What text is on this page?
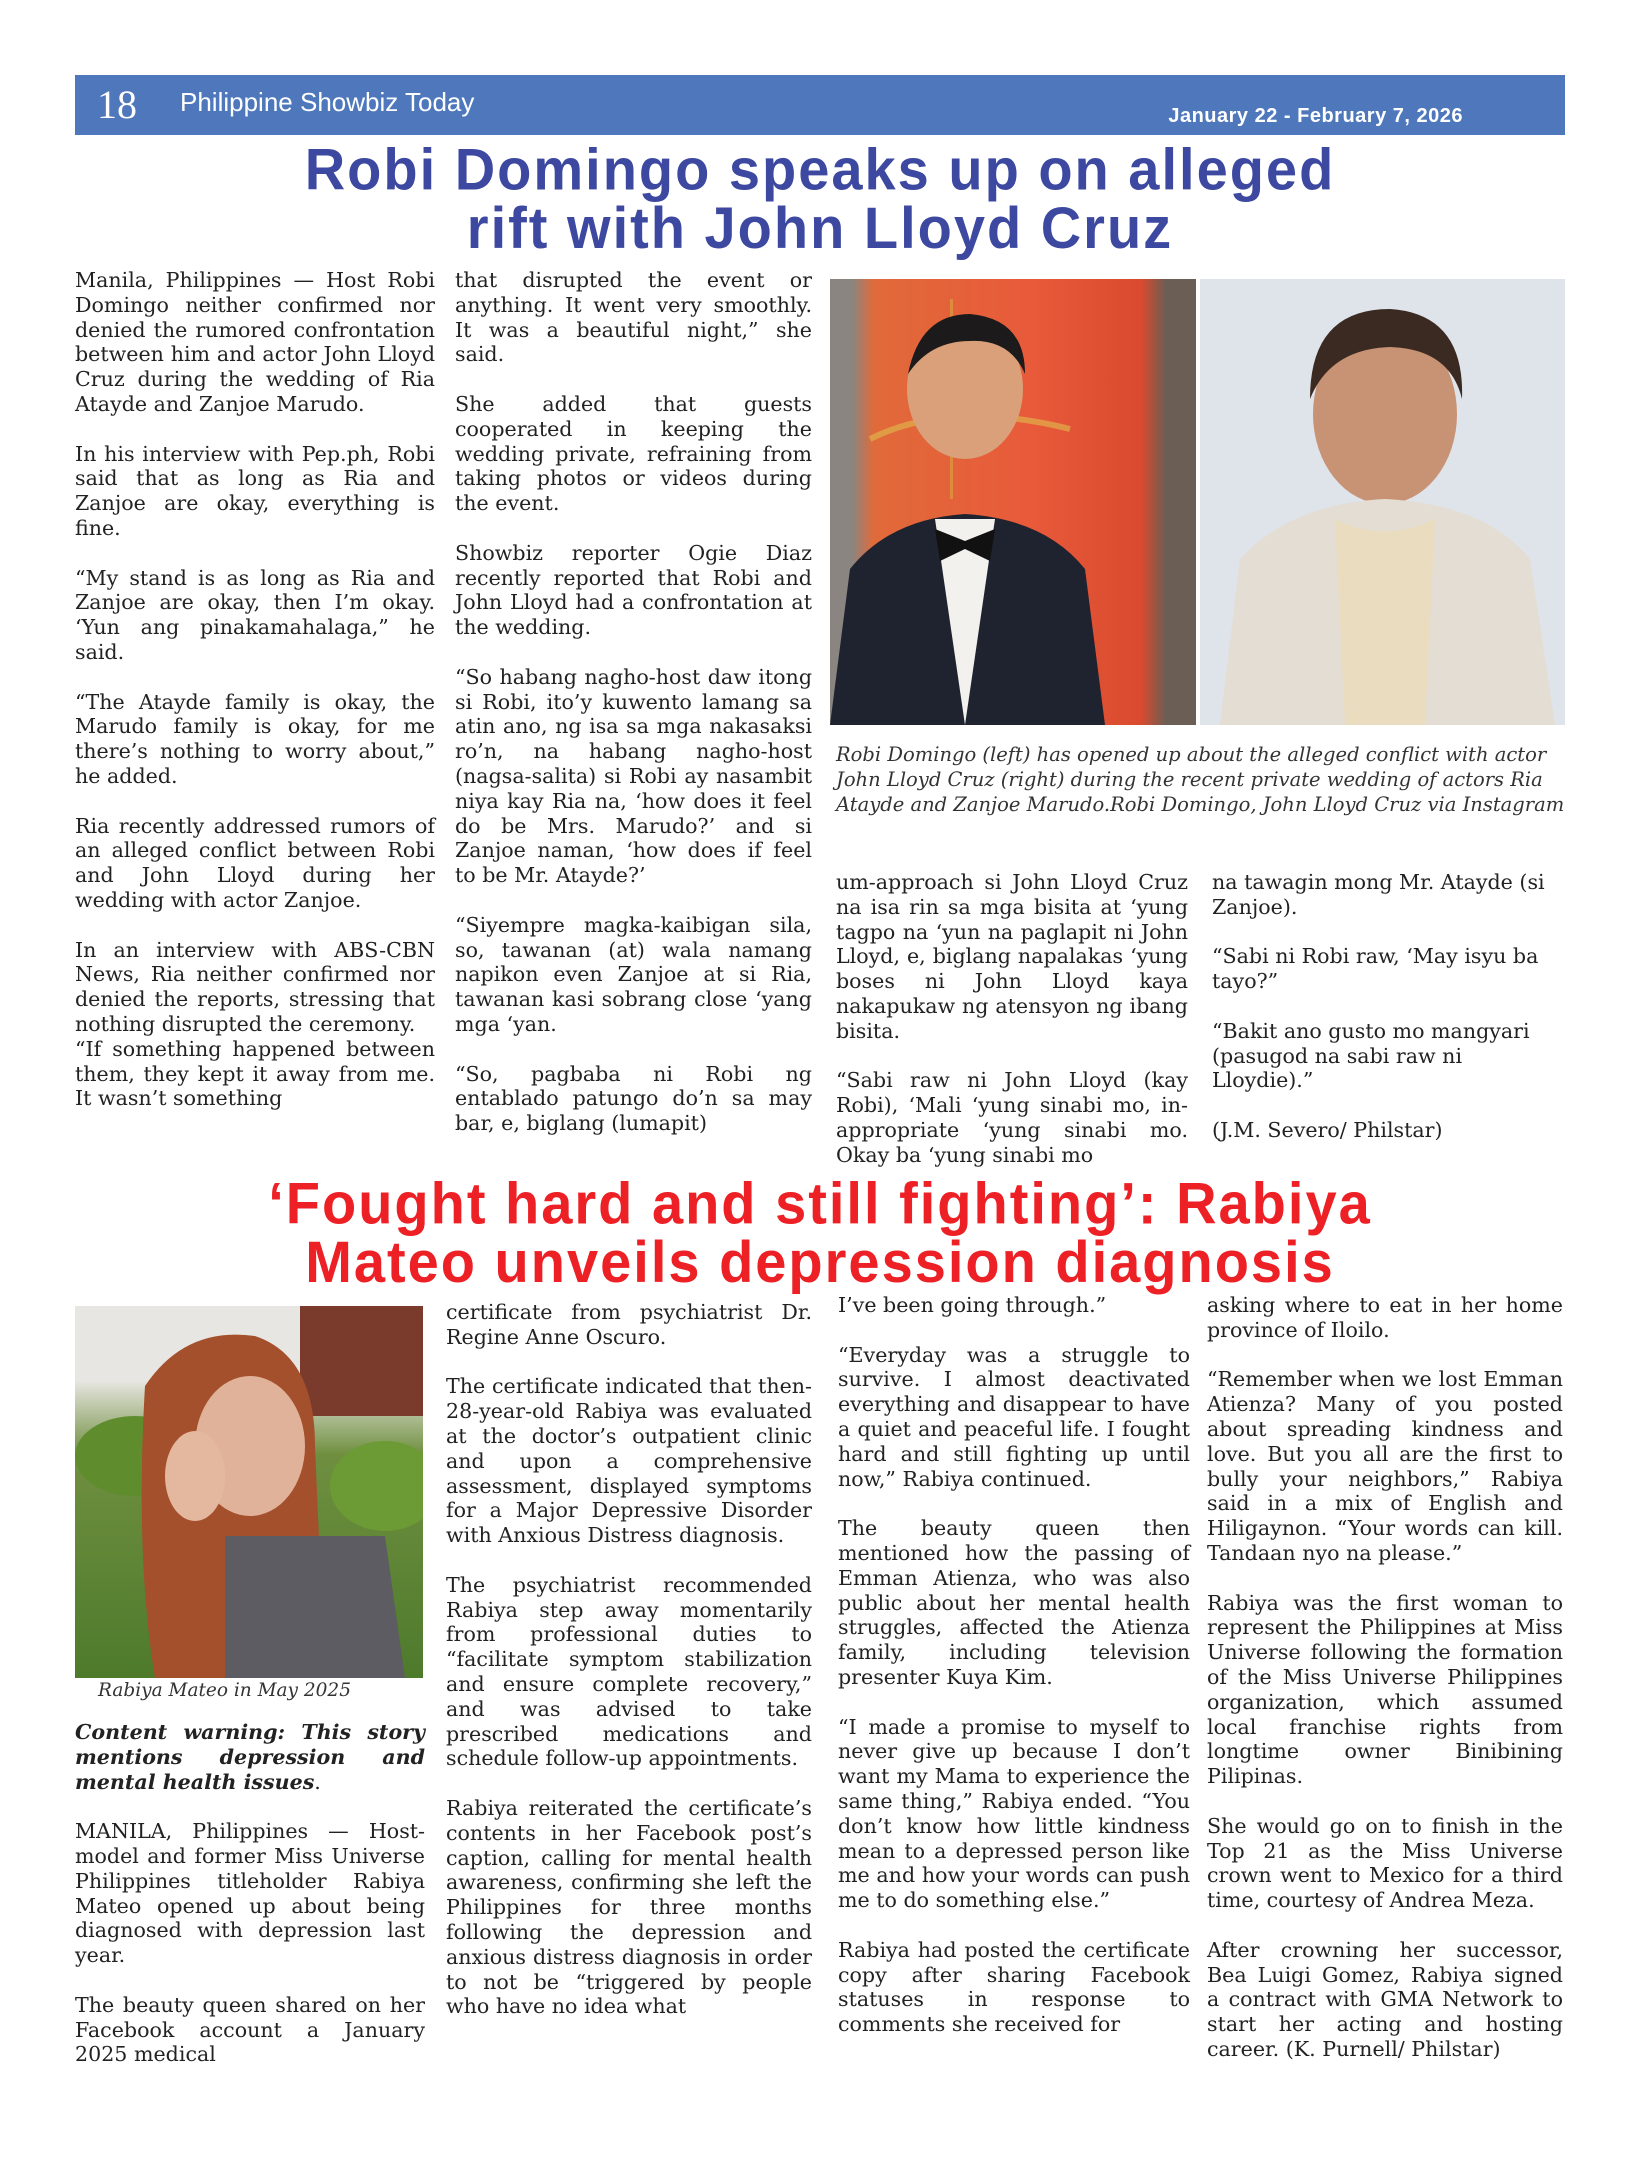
18 Philippine Showbiz Today	January 22 - February 7, 2026
Robi Domingo speaks up on alleged
rift with John Lloyd Cruz

Manila, Philippines — Host Robi Domingo neither confirmed nor denied the rumored confrontation between him and actor John Lloyd Cruz during the wedding of Ria Atayde and Zanjoe Marudo.

In his interview with Pep.ph, Robi said that as long as Ria and Zanjoe are okay, everything is fine.

“My stand is as long as Ria and Zanjoe are okay, then I’m okay. ‘Yun ang pinakamahalaga,” he said.

“The Atayde family is okay, the Marudo family is okay, for me there’s nothing to worry about,” he added.

Ria recently addressed rumors of an alleged conflict between Robi and John Lloyd during her wedding with actor Zanjoe.

In an interview with ABS-CBN News, Ria neither confirmed nor denied the reports, stressing that nothing disrupted the ceremony.

“If something happened between them, they kept it away from me. It wasn’t something

that disrupted the event or anything. It went very smoothly. It was a beautiful night,” she said.

She added that guests cooperated in keeping the wedding private, refraining from taking photos or videos during the event.

Showbiz reporter Ogie Diaz recently reported that Robi and John Lloyd had a confrontation at the wedding.

“So habang nagho-host daw itong si Robi, ito’y kuwento lamang sa atin ano, ng isa sa mga nakasaksi ro’n, na habang nagho-host (nagsa-salita) si Robi ay nasambit niya kay Ria na, ‘how does it feel do be Mrs. Marudo?’ and si Zanjoe naman, ‘how does if feel to be Mr. Atayde?’

“Siyempre magka-kaibigan sila, so, tawanan (at) wala namang napikon even Zanjoe at si Ria, tawanan kasi sobrang close ‘yang mga ‘yan.

“So, pagbaba ni Robi ng entablado patungo do’n sa may bar, e, biglang (lumapit)

Robi Domingo (left) has opened up about the alleged conflict with actor John Lloyd Cruz (right) during the recent private wedding of actors Ria Atayde and Zanjoe Marudo.Robi Domingo, John Lloyd Cruz via Instagram

um-approach si John Lloyd Cruz na isa rin sa mga bisita at ‘yung tagpo na ‘yun na paglapit ni John Lloyd, e, biglang napalakas ‘yung boses ni John Lloyd kaya nakapukaw ng atensyon ng ibang bisita.

“Sabi raw ni John Lloyd (kay Robi), ‘Mali ‘yung sinabi mo, in-appropriate ‘yung sinabi mo. Okay ba ‘yung sinabi mo

na tawagin mong Mr. Atayde (si Zanjoe).

“Sabi ni Robi raw, ‘May isyu ba tayo?”

“Bakit ano gusto mo mangyari (pasugod na sabi raw ni Lloydie).”

(J.M. Severo/ Philstar)

‘Fought hard and still fighting’: Rabiya
Mateo unveils depression diagnosis
Rabiya Mateo in May 2025

Content warning: This story mentions depression and mental health issues.

MANILA, Philippines — Host-model and former Miss Universe Philippines titleholder Rabiya Mateo opened up about being diagnosed with depression last year.

The beauty queen shared on her Facebook account a January 2025 medical

certificate from psychiatrist Dr. Regine Anne Oscuro.

The certificate indicated that then-28-year-old Rabiya was evaluated at the doctor’s outpatient clinic and upon a comprehensive assessment, displayed symptoms for a Major Depressive Disorder with Anxious Distress diagnosis.

The psychiatrist recommended Rabiya step away momentarily from professional duties to “facilitate symptom stabilization and ensure complete recovery,” and was advised to take prescribed medications and schedule follow-up appointments.

Rabiya reiterated the certificate’s contents in her Facebook post’s caption, calling for mental health awareness, confirming she left the Philippines for three months following the depression and anxious distress diagnosis in order to not be “triggered by people who have no idea what

I’ve been going through.”

“Everyday was a struggle to survive. I almost deactivated everything and disappear to have a quiet and peaceful life. I fought hard and still fighting up until now,” Rabiya continued.

The beauty queen then mentioned how the passing of Emman Atienza, who was also public about her mental health struggles, affected the Atienza family, including television presenter Kuya Kim.

“I made a promise to myself to never give up because I don’t want my Mama to experience the same thing,” Rabiya ended. “You don’t know how little kindness mean to a depressed person like me and how your words can push me to do something else.”

Rabiya had posted the certificate copy after sharing Facebook statuses in response to comments she received for

asking where to eat in her home province of Iloilo.

“Remember when we lost Emman Atienza? Many of you posted about spreading kindness and love. But you all are the first to bully your neighbors,” Rabiya said in a mix of English and Hiligaynon. “Your words can kill. Tandaan nyo na please.”

Rabiya was the first woman to represent the Philippines at Miss Universe following the formation of the Miss Universe Philippines organization, which assumed local franchise rights from longtime owner Binibining Pilipinas.

She would go on to finish in the Top 21 as the Miss Universe crown went to Mexico for a third time, courtesy of Andrea Meza.

After crowning her successor, Bea Luigi Gomez, Rabiya signed a contract with GMA Network to start her acting and hosting career. (K. Purnell/ Philstar)
